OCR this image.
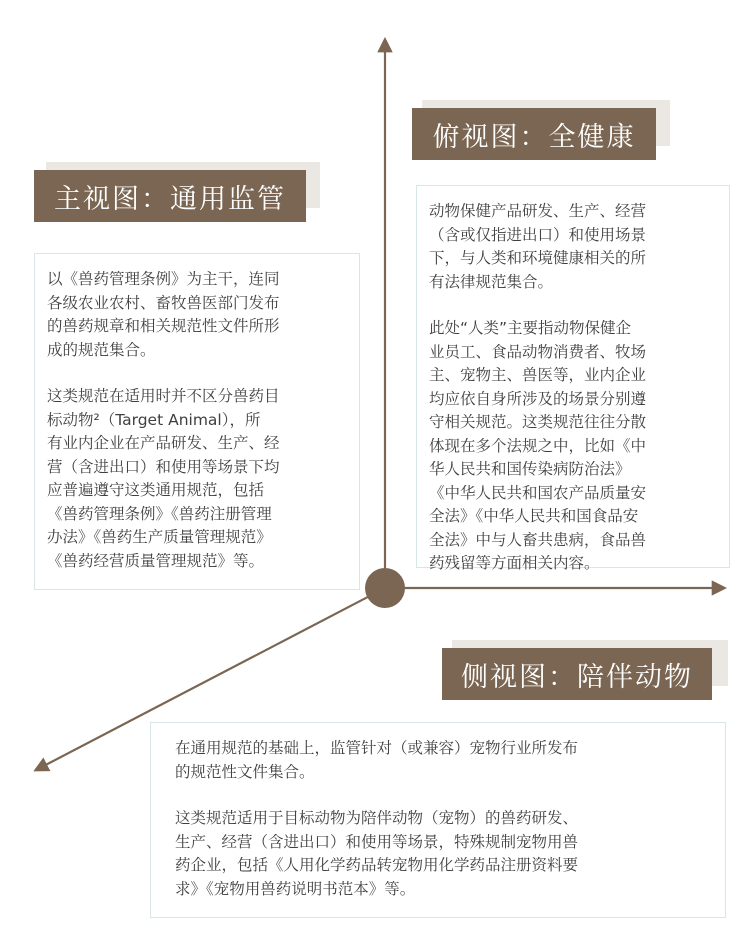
俯视图：全健康
主视图：通用监管
侧视图：陪伴动物

动物保健产品研发、生产、经营
（含或仅指进出口）和使用场景
下，与人类和环境健康相关的所
有法律规范集合。

此处“人类”主要指动物保健企
业员工、食品动物消费者、牧场
主、宠物主、兽医等，业内企业
均应依自身所涉及的场景分别遵
守相关规范。这类规范往往分散
体现在多个法规之中，比如《中
华人民共和国传染病防治法》
《中华人民共和国农产品质量安
全法》《中华人民共和国食品安
全法》中与人畜共患病，食品兽
药残留等方面相关内容。

以《兽药管理条例》为主干，连同
各级农业农村、畜牧兽医部门发布
的兽药规章和相关规范性文件所形
成的规范集合。

这类规范在适用时并不区分兽药目
标动物²（Target Animal），所
有业内企业在产品研发、生产、经
营（含进出口）和使用等场景下均
应普遍遵守这类通用规范，包括
《兽药管理条例》《兽药注册管理
办法》《兽药生产质量管理规范》
《兽药经营质量管理规范》等。

在通用规范的基础上，监管针对（或兼容）宠物行业所发布
的规范性文件集合。

这类规范适用于目标动物为陪伴动物（宠物）的兽药研发、
生产、经营（含进出口）和使用等场景，特殊规制宠物用兽
药企业，包括《人用化学药品转宠物用化学药品注册资料要
求》《宠物用兽药说明书范本》等。
